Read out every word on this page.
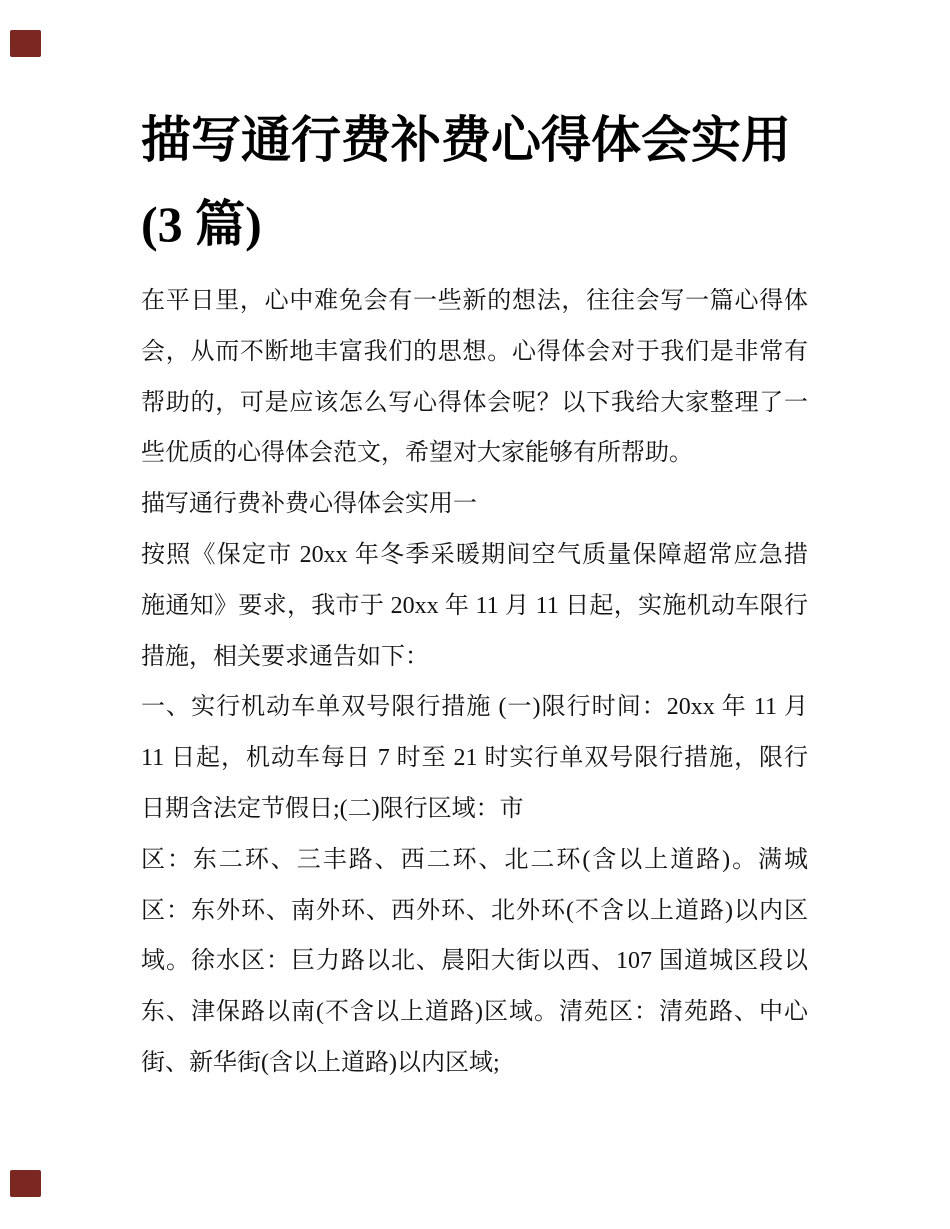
描写通行费补费心得体会实用
(3 篇)

在平日里，心中难免会有一些新的想法，往往会写一篇心得体
会，从而不断地丰富我们的思想。心得体会对于我们是非常有
帮助的，可是应该怎么写心得体会呢？以下我给大家整理了一
些优质的心得体会范文，希望对大家能够有所帮助。

描写通行费补费心得体会实用一

按照《保定市 20xx 年冬季采暖期间空气质量保障超常应急措
施通知》要求，我市于 20xx 年 11 月 11 日起，实施机动车限行
措施，相关要求通告如下：

一、实行机动车单双号限行措施 (一)限行时间：20xx 年 11 月
11 日起，机动车每日 7 时至 21 时实行单双号限行措施，限行
日期含法定节假日;(二)限行区域：市

区：东二环、三丰路、西二环、北二环(含以上道路)。满城
区：东外环、南外环、西外环、北外环(不含以上道路)以内区
域。徐水区：巨力路以北、晨阳大街以西、107 国道城区段以
东、津保路以南(不含以上道路)区域。清苑区：清苑路、中心
街、新华街(含以上道路)以内区域;
